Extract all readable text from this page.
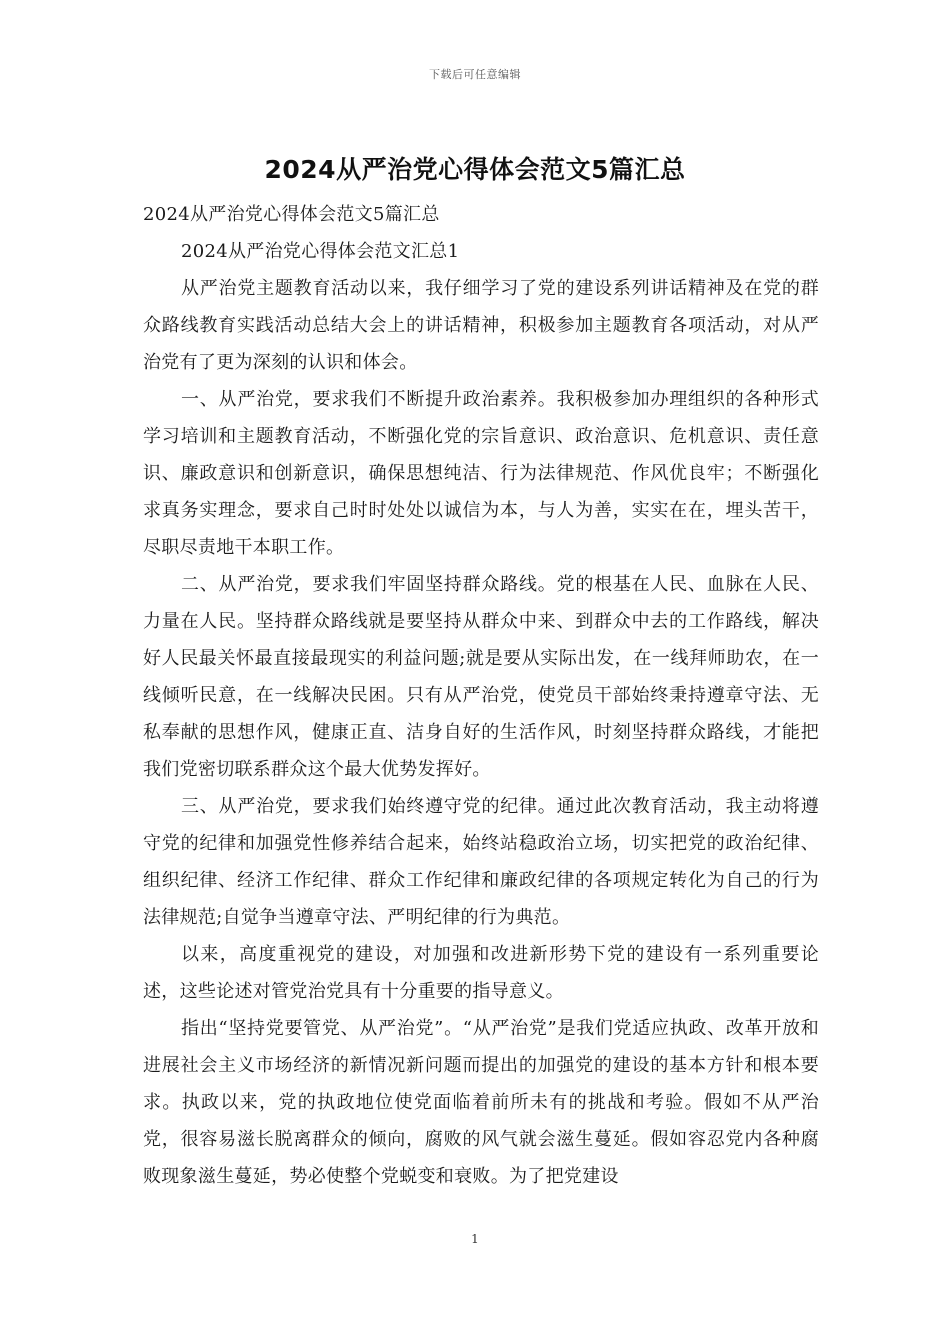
下载后可任意编辑
2024从严治党心得体会范文5篇汇总

2024从严治党心得体会范文5篇汇总

2024从严治党心得体会范文汇总1

从严治党主题教育活动以来，我仔细学习了党的建设系列讲话精神及在党的群众路线教育实践活动总结大会上的讲话精神，积极参加主题教育各项活动，对从严治党有了更为深刻的认识和体会。

一、从严治党，要求我们不断提升政治素养。我积极参加办理组织的各种形式学习培训和主题教育活动，不断强化党的宗旨意识、政治意识、危机意识、责任意识、廉政意识和创新意识，确保思想纯洁、行为法律规范、作风优良牢；不断强化求真务实理念，要求自己时时处处以诚信为本，与人为善，实实在在，埋头苦干，尽职尽责地干本职工作。

二、从严治党，要求我们牢固坚持群众路线。党的根基在人民、血脉在人民、力量在人民。坚持群众路线就是要坚持从群众中来、到群众中去的工作路线，解决好人民最关怀最直接最现实的利益问题;就是要从实际出发，在一线拜师助农，在一线倾听民意，在一线解决民困。只有从严治党，使党员干部始终秉持遵章守法、无私奉献的思想作风，健康正直、洁身自好的生活作风，时刻坚持群众路线，才能把我们党密切联系群众这个最大优势发挥好。

三、从严治党，要求我们始终遵守党的纪律。通过此次教育活动，我主动将遵守党的纪律和加强党性修养结合起来，始终站稳政治立场，切实把党的政治纪律、组织纪律、经济工作纪律、群众工作纪律和廉政纪律的各项规定转化为自己的行为法律规范;自觉争当遵章守法、严明纪律的行为典范。

以来，高度重视党的建设，对加强和改进新形势下党的建设有一系列重要论述，这些论述对管党治党具有十分重要的指导意义。

指出“坚持党要管党、从严治党”。“从严治党”是我们党适应执政、改革开放和进展社会主义市场经济的新情况新问题而提出的加强党的建设的基本方针和根本要求。执政以来，党的执政地位使党面临着前所未有的挑战和考验。假如不从严治党，很容易滋长脱离群众的倾向，腐败的风气就会滋生蔓延。假如容忍党内各种腐败现象滋生蔓延，势必使整个党蜕变和衰败。为了把党建设

1
